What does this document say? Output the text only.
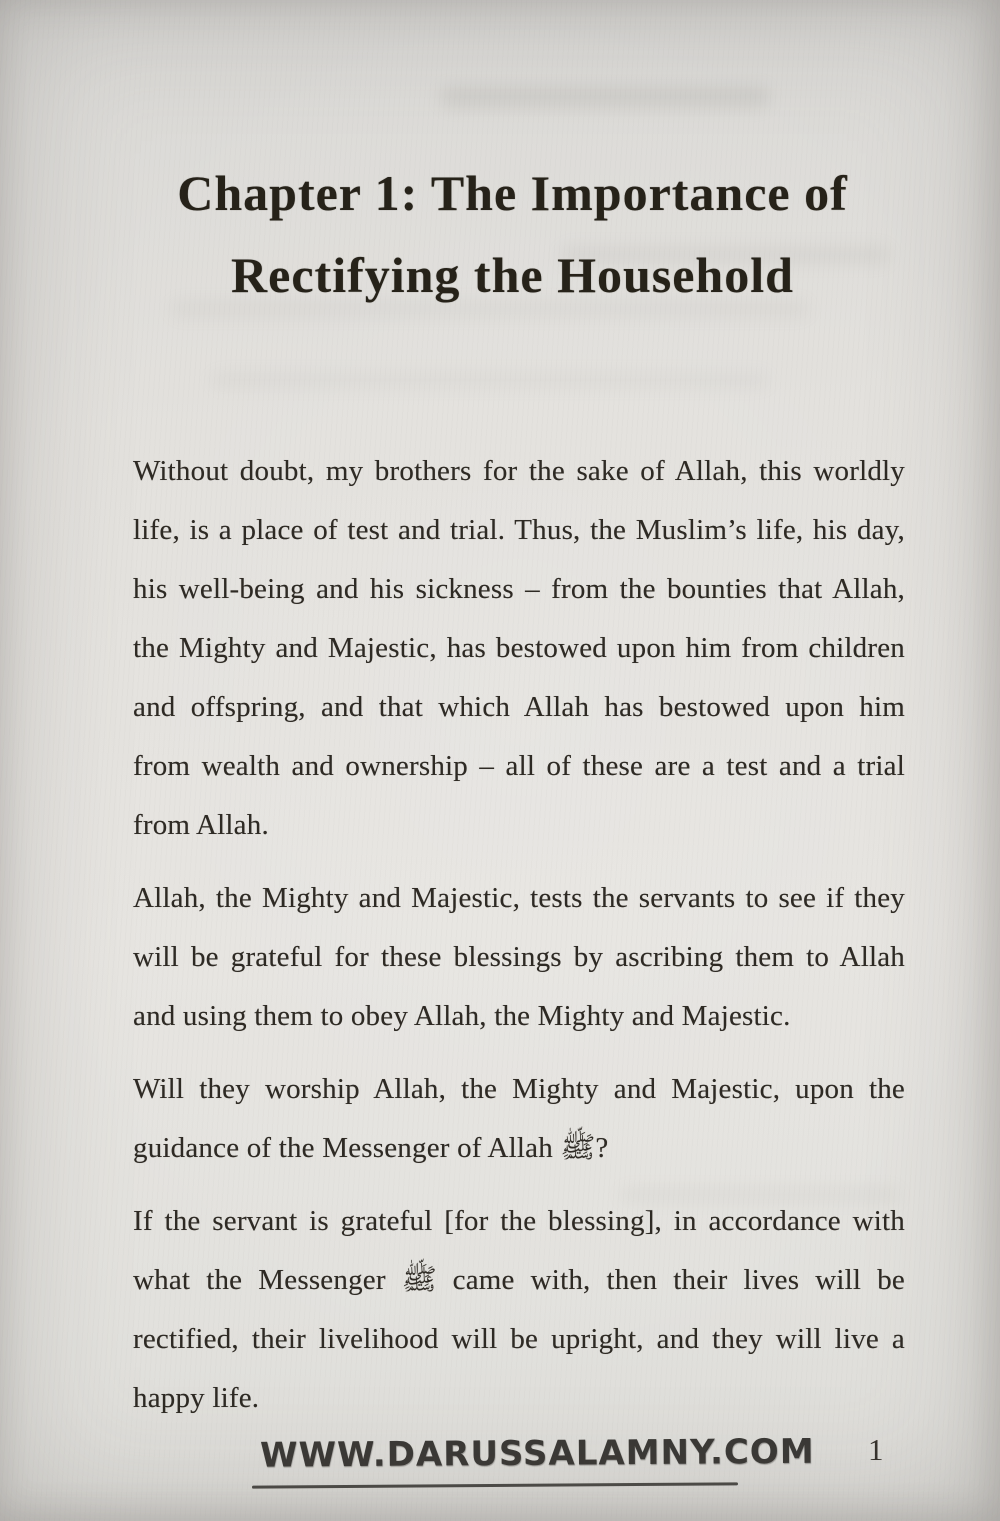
Chapter 1: The Importance of
Rectifying the Household
Without doubt, my brothers for the sake of Allah, this worldly
life, is a place of test and trial. Thus, the Muslim’s life, his day,
his well-being and his sickness – from the bounties that Allah,
the Mighty and Majestic, has bestowed upon him from children
and offspring, and that which Allah has bestowed upon him
from wealth and ownership – all of these are a test and a trial
from Allah.
Allah, the Mighty and Majestic, tests the servants to see if they
will be grateful for these blessings by ascribing them to Allah
and using them to obey Allah, the Mighty and Majestic.
Will they worship Allah, the Mighty and Majestic, upon the
guidance of the Messenger of Allah ﷺ?
If the servant is grateful [for the blessing], in accordance with
what the Messenger ﷺ came with, then their lives will be
rectified, their livelihood will be upright, and they will live a
happy life.
WWW.DARUSSALAMNY.COM 1
